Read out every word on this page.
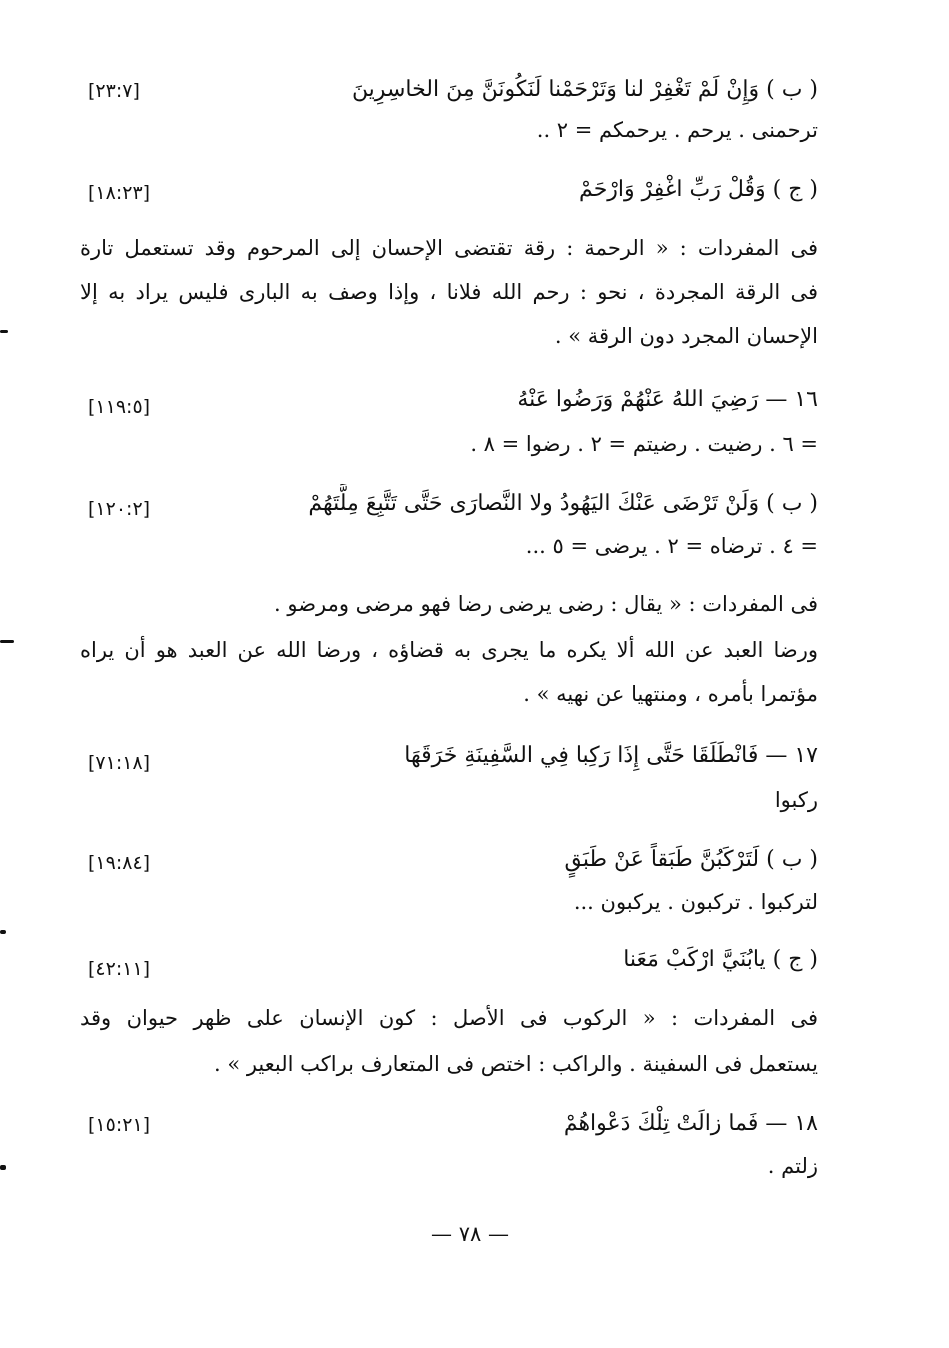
( ب ) وَإِنْ لَمْ تَغْفِرْ لنا وَتَرْحَمْنا لَنَكُونَنَّ مِنَ الخاسِرِينَ
[٢٣:٧]
ترحمنى . يرحم . يرحمكم = ٢ ..
( ج ) وَقُلْ رَبِّ اغْفِرْ وَارْحَمْ
[١٨:٢٣]
فى المفردات : « الرحمة : رقة تقتضى الإحسان إلى المرحوم وقد تستعمل تارة
فى الرقة المجردة ، نحو : رحم الله فلانا ، وإذا وصف به البارى فليس يراد به إلا
الإحسان المجرد دون الرقة » .
١٦ — رَضِيَ اللهُ عَنْهُمْ وَرَضُوا عَنْهُ
[١١٩:٥]
= ٦ . رضيت . رضيتم = ٢ . رضوا = ٨ .
( ب ) وَلَنْ تَرْضَى عَنْكَ اليَهُودُ ولا النَّصارَى حَتَّى تَتَّبِعَ مِلَّتَهُمْ
[١٢٠:٢]
= ٤ . ترضاه = ٢ . يرضى = ٥ ...
فى المفردات : « يقال : رضى يرضى رضا فهو مرضى ومرضو .
ورضا العبد عن الله ألا يكره ما يجرى به قضاؤه ، ورضا الله عن العبد هو أن يراه
مؤتمرا بأمره ، ومنتهيا عن نهيه » .
١٧ — فَانْطَلَقَا حَتَّى إِذَا رَكِبا فِي السَّفِينَةِ خَرَقَهَا
[٧١:١٨]
ركبوا
( ب ) لَتَرْكَبُنَّ طَبَقاً عَنْ طَبَقٍ
[١٩:٨٤]
لتركبوا . تركبون . يركبون ...
( ج ) يابُنَيَّ ارْكَبْ مَعَنا
[٤٢:١١]
فى المفردات : « الركوب فى الأصل : كون الإنسان على ظهر حيوان وقد
يستعمل فى السفينة . والراكب : اختص فى المتعارف براكب البعير » .
١٨ — فَما زالَتْ تِلْكَ دَعْواهُمْ
[١٥:٢١]
زلتم .
— ٧٨ —
